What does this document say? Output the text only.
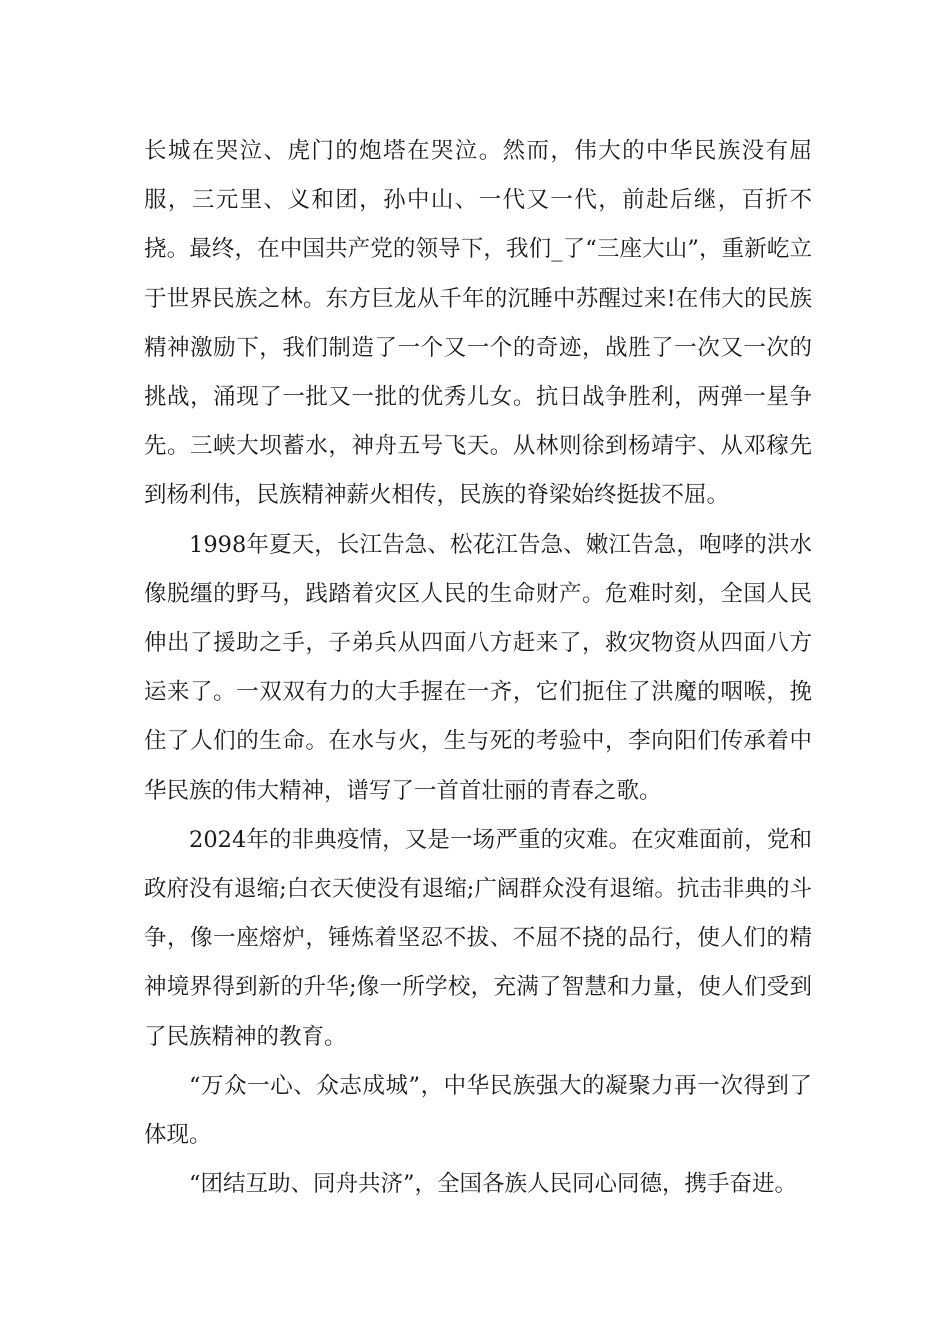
长城在哭泣、虎门的炮塔在哭泣。然而，伟大的中华民族没有屈服，三元里、义和团，孙中山、一代又一代，前赴后继，百折不挠。最终，在中国共产党的领导下，我们_了“三座大山”，重新屹立于世界民族之林。东方巨龙从千年的沉睡中苏醒过来!在伟大的民族精神激励下，我们制造了一个又一个的奇迹，战胜了一次又一次的挑战，涌现了一批又一批的优秀儿女。抗日战争胜利，两弹一星争先。三峡大坝蓄水，神舟五号飞天。从林则徐到杨靖宇、从邓稼先到杨利伟，民族精神薪火相传，民族的脊梁始终挺拔不屈。

1998年夏天，长江告急、松花江告急、嫩江告急，咆哮的洪水像脱缰的野马，践踏着灾区人民的生命财产。危难时刻，全国人民伸出了援助之手，子弟兵从四面八方赶来了，救灾物资从四面八方运来了。一双双有力的大手握在一齐，它们扼住了洪魔的咽喉，挽住了人们的生命。在水与火，生与死的考验中，李向阳们传承着中华民族的伟大精神，谱写了一首首壮丽的青春之歌。

2024年的非典疫情，又是一场严重的灾难。在灾难面前，党和政府没有退缩;白衣天使没有退缩;广阔群众没有退缩。抗击非典的斗争，像一座熔炉，锤炼着坚忍不拔、不屈不挠的品行，使人们的精神境界得到新的升华;像一所学校，充满了智慧和力量，使人们受到了民族精神的教育。

“万众一心、众志成城”，中华民族强大的凝聚力再一次得到了体现。

“团结互助、同舟共济”，全国各族人民同心同德，携手奋进。
